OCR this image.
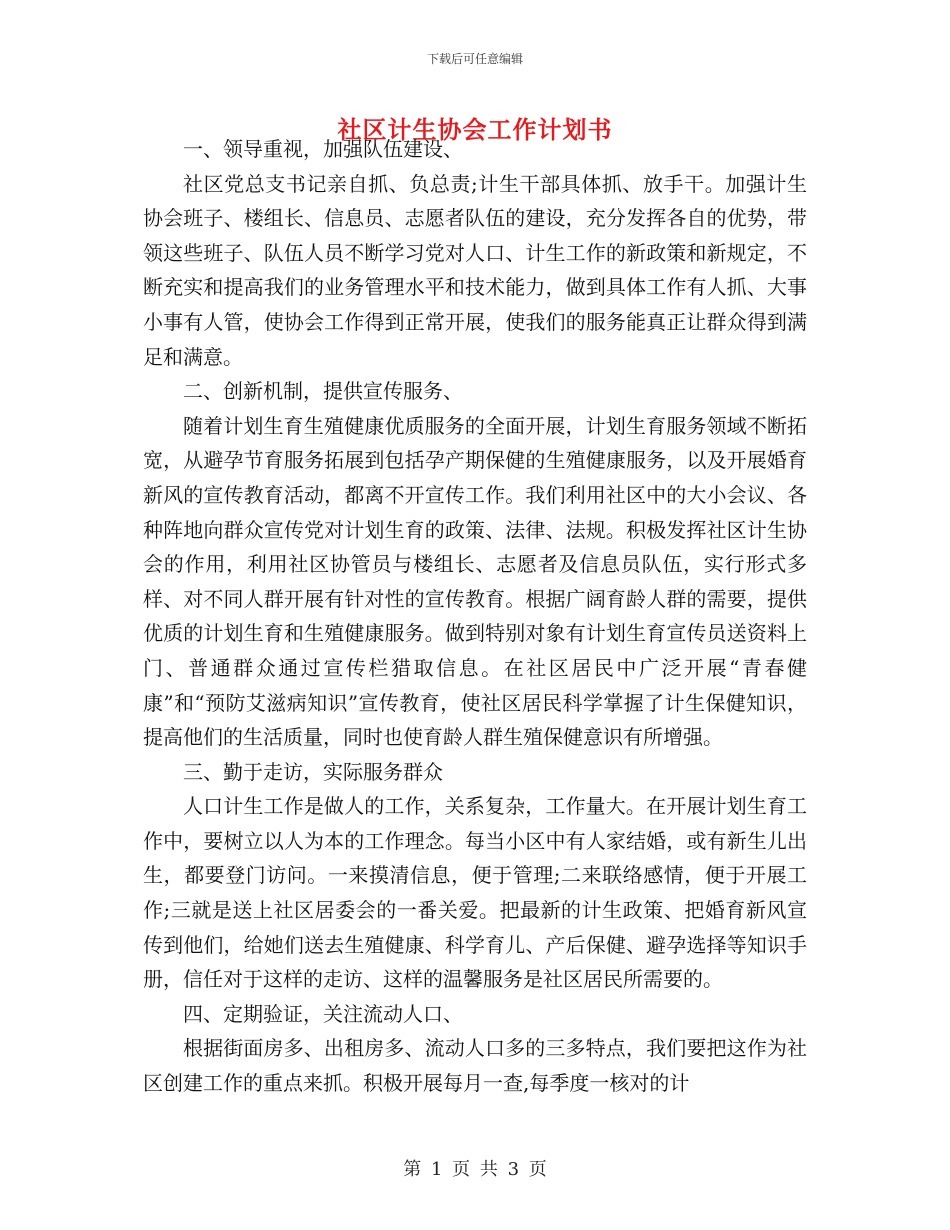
下载后可任意编辑
社区计生协会工作计划书

一、领导重视，加强队伍建设、

社区党总支书记亲自抓、负总责;计生干部具体抓、放手干。加强计生协会班子、楼组长、信息员、志愿者队伍的建设，充分发挥各自的优势，带领这些班子、队伍人员不断学习党对人口、计生工作的新政策和新规定，不断充实和提高我们的业务管理水平和技术能力，做到具体工作有人抓、大事小事有人管，使协会工作得到正常开展，使我们的服务能真正让群众得到满足和满意。

二、创新机制，提供宣传服务、

随着计划生育生殖健康优质服务的全面开展，计划生育服务领域不断拓宽，从避孕节育服务拓展到包括孕产期保健的生殖健康服务，以及开展婚育新风的宣传教育活动，都离不开宣传工作。我们利用社区中的大小会议、各种阵地向群众宣传党对计划生育的政策、法律、法规。积极发挥社区计生协会的作用，利用社区协管员与楼组长、志愿者及信息员队伍，实行形式多样、对不同人群开展有针对性的宣传教育。根据广阔育龄人群的需要，提供优质的计划生育和生殖健康服务。做到特别对象有计划生育宣传员送资料上门、普通群众通过宣传栏猎取信息。在社区居民中广泛开展“青春健康”和“预防艾滋病知识”宣传教育，使社区居民科学掌握了计生保健知识，提高他们的生活质量，同时也使育龄人群生殖保健意识有所增强。

三、勤于走访，实际服务群众

人口计生工作是做人的工作，关系复杂，工作量大。在开展计划生育工作中，要树立以人为本的工作理念。每当小区中有人家结婚，或有新生儿出生，都要登门访问。一来摸清信息，便于管理;二来联络感情，便于开展工作;三就是送上社区居委会的一番关爱。把最新的计生政策、把婚育新风宣传到他们，给她们送去生殖健康、科学育儿、产后保健、避孕选择等知识手册，信任对于这样的走访、这样的温馨服务是社区居民所需要的。

四、定期验证，关注流动人口、

根据街面房多、出租房多、流动人口多的三多特点，我们要把这作为社区创建工作的重点来抓。积极开展每月一查,每季度一核对的计

第 1 页 共 3 页
